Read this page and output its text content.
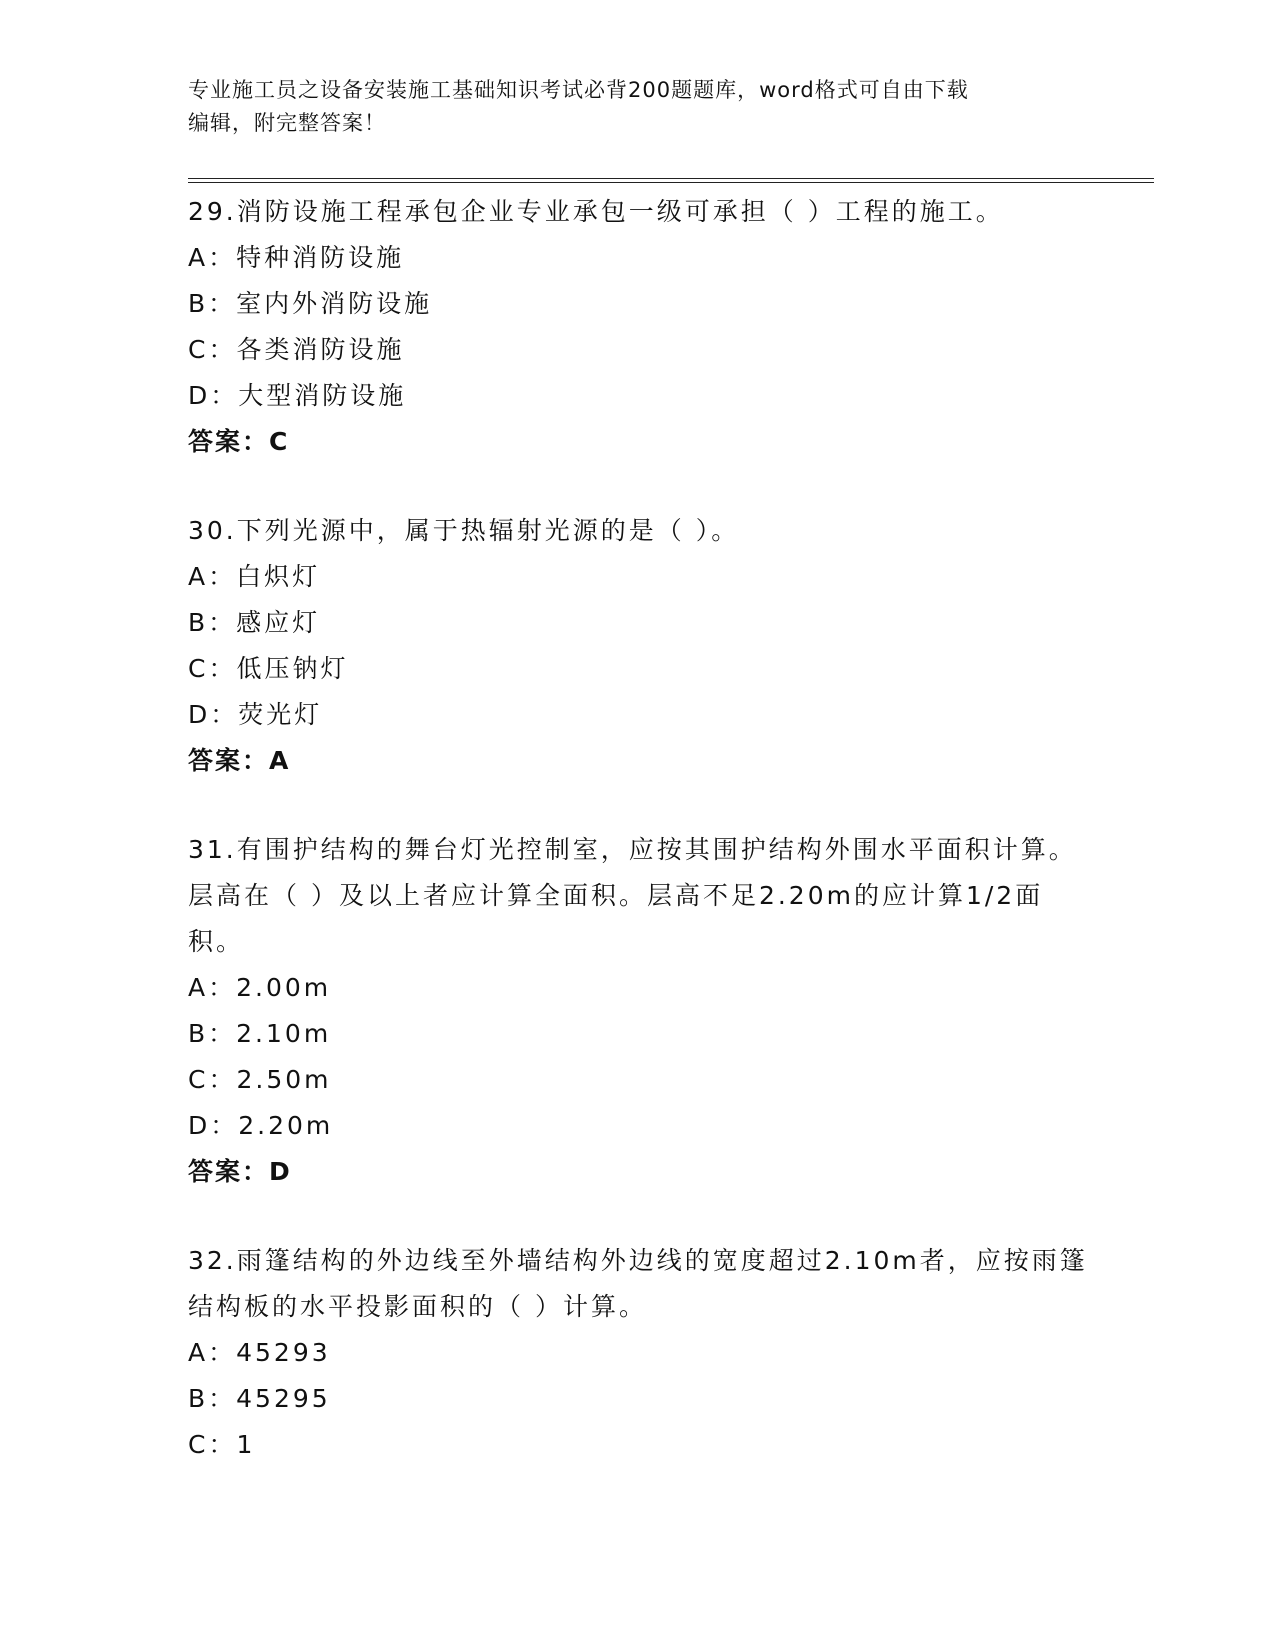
专业施工员之设备安装施工基础知识考试必背200题题库，word格式可自由下载
编辑，附完整答案！

29.消防设施工程承包企业专业承包一级可承担（ ）工程的施工。

A：特种消防设施

B：室内外消防设施

C：各类消防设施

D：大型消防设施

答案：C

30.下列光源中，属于热辐射光源的是（ ）。

A：白炽灯

B：感应灯

C：低压钠灯

D：荧光灯

答案：A

31.有围护结构的舞台灯光控制室，应按其围护结构外围水平面积计算。层高在（ ）及以上者应计算全面积。层高不足2.20m的应计算1/2面积。

A：2.00m

B：2.10m

C：2.50m

D：2.20m

答案：D

32.雨篷结构的外边线至外墙结构外边线的宽度超过2.10m者，应按雨篷结构板的水平投影面积的（ ）计算。

A：45293

B：45295

C：1
